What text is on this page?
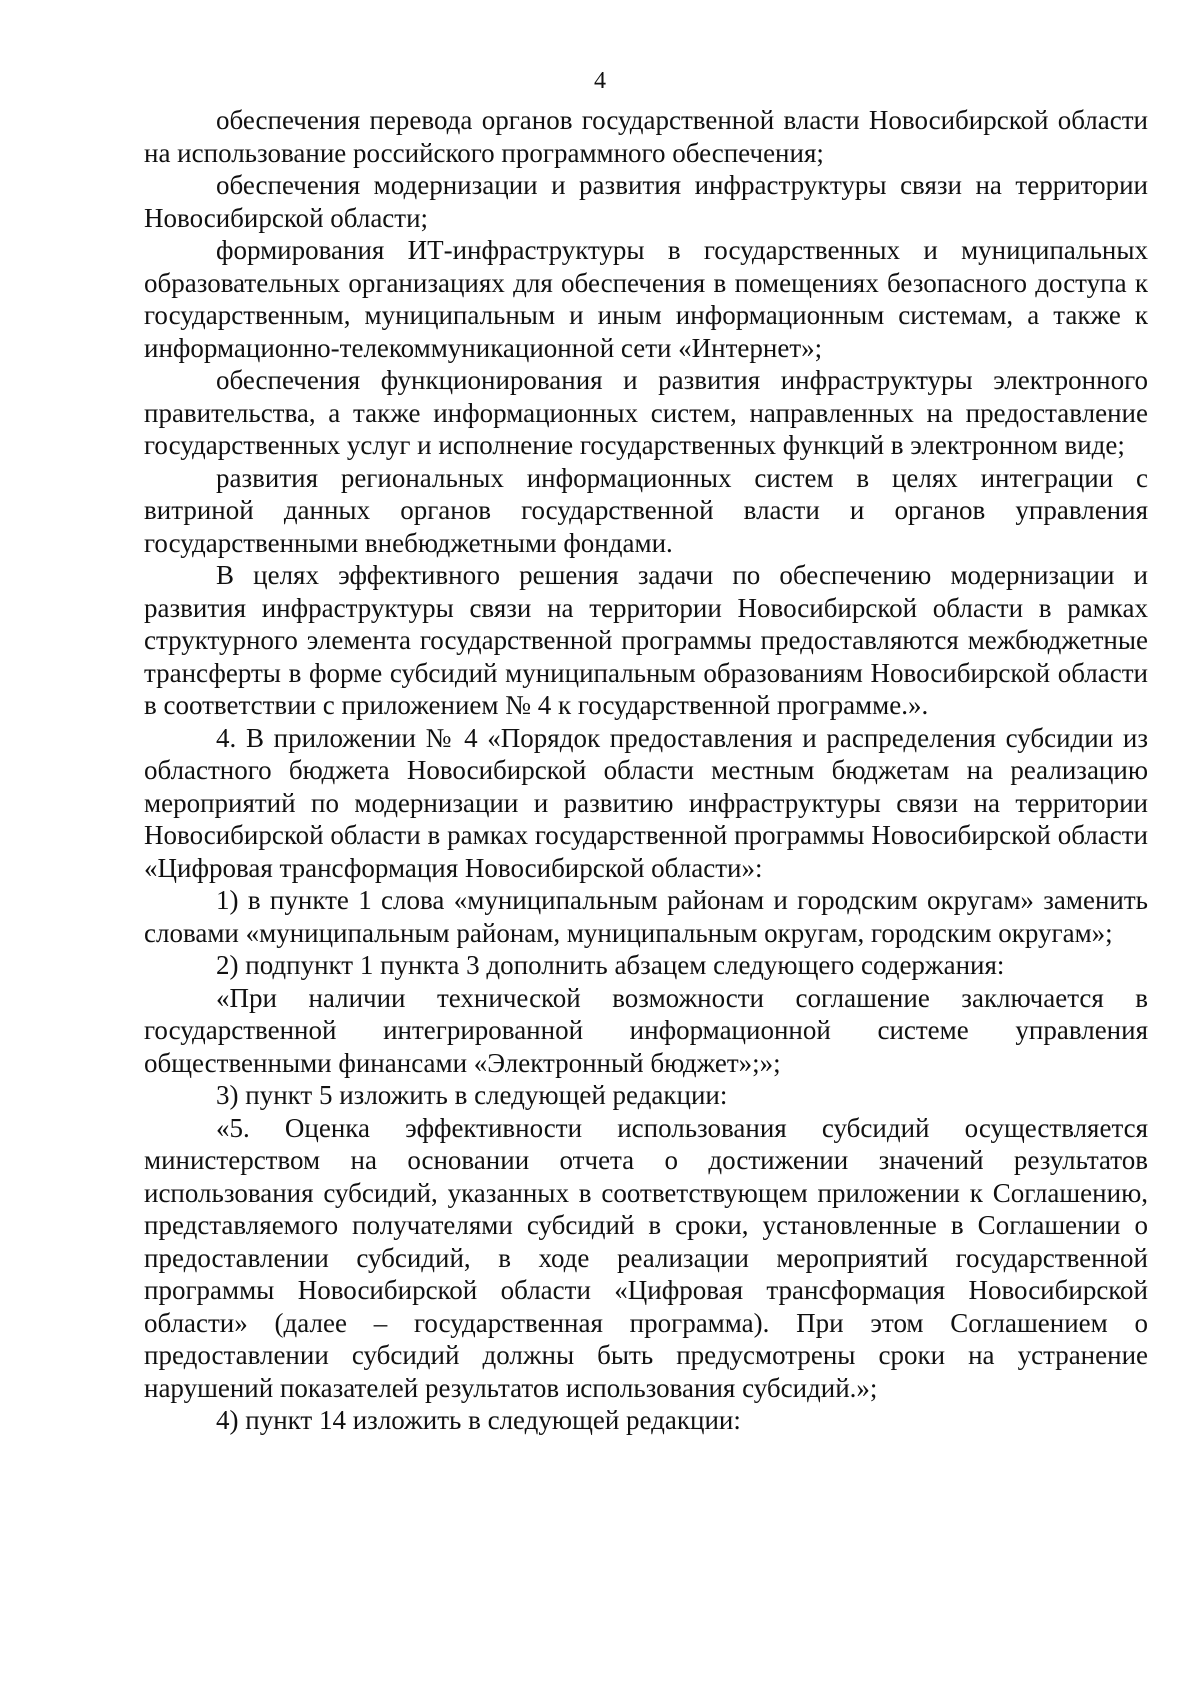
4

обеспечения перевода органов государственной власти Новосибирской области на использование российского программного обеспечения;

обеспечения модернизации и развития инфраструктуры связи на территории Новосибирской области;

формирования ИТ-инфраструктуры в государственных и муниципальных образовательных организациях для обеспечения в помещениях безопасного доступа к государственным, муниципальным и иным информационным системам, а также к информационно-телекоммуникационной сети «Интернет»;

обеспечения функционирования и развития инфраструктуры электронного правительства, а также информационных систем, направленных на предоставление государственных услуг и исполнение государственных функций в электронном виде;

развития региональных информационных систем в целях интеграции с витриной данных органов государственной власти и органов управления государственными внебюджетными фондами.

В целях эффективного решения задачи по обеспечению модернизации и развития инфраструктуры связи на территории Новосибирской области в рамках структурного элемента государственной программы предоставляются межбюджетные трансферты в форме субсидий муниципальным образованиям Новосибирской области в соответствии с приложением № 4 к государственной программе.».

4. В приложении № 4 «Порядок предоставления и распределения субсидии из областного бюджета Новосибирской области местным бюджетам на реализацию мероприятий по модернизации и развитию инфраструктуры связи на территории Новосибирской области в рамках государственной программы Новосибирской области «Цифровая трансформация Новосибирской области»:

1) в пункте 1 слова «муниципальным районам и городским округам» заменить словами «муниципальным районам, муниципальным округам, городским округам»;

2) подпункт 1 пункта 3 дополнить абзацем следующего содержания:

«При наличии технической возможности соглашение заключается в государственной интегрированной информационной системе управления общественными финансами «Электронный бюджет»;»;

3) пункт 5 изложить в следующей редакции:

«5. Оценка эффективности использования субсидий осуществляется министерством на основании отчета о достижении значений результатов использования субсидий, указанных в соответствующем приложении к Соглашению, представляемого получателями субсидий в сроки, установленные в Соглашении о предоставлении субсидий, в ходе реализации мероприятий государственной программы Новосибирской области «Цифровая трансформация Новосибирской области» (далее – государственная программа). При этом Соглашением о предоставлении субсидий должны быть предусмотрены сроки на устранение нарушений показателей результатов использования субсидий.»;

4) пункт 14 изложить в следующей редакции:
